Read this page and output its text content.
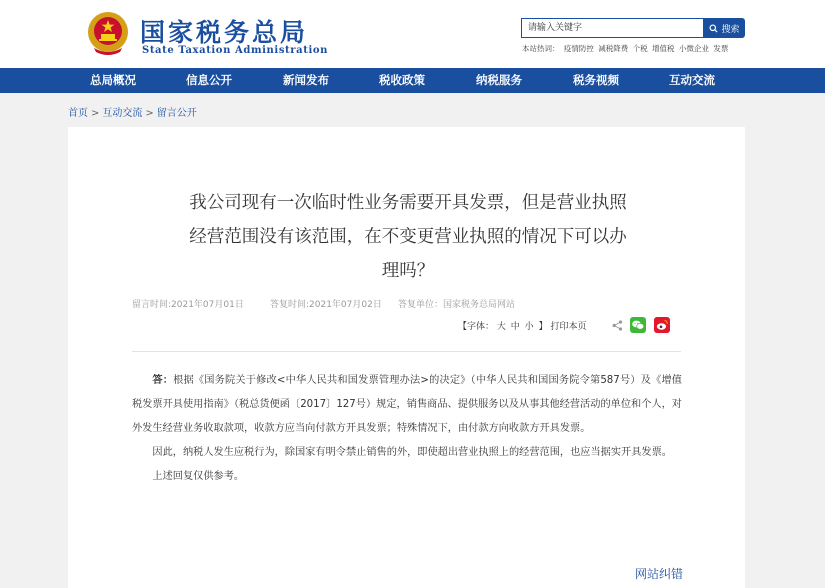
国家税务总局
State Taxation Administration
请输入关键字
搜索
本站热词： 疫情防控 减税降费 个税 增值税 小微企业 发票
总局概况	信息公开	新闻发布	税收政策	纳税服务	税务视频	互动交流
首页 > 互动交流 > 留言公开
我公司现有一次临时性业务需要开具发票，但是营业执照
经营范围没有该范围，在不变更营业执照的情况下可以办
理吗？
留言时间:2021年07月01日	答复时间:2021年07月02日 答复单位：国家税务总局网站
【字体： 大 中 小 】 打印本页

答：根据《国务院关于修改<中华人民共和国发票管理办法>的决定》（中华人民共和国国务院令第587号）及《增值税发票开具使用指南》（税总货便函〔2017〕127号）规定，销售商品、提供服务以及从事其他经营活动的单位和个人，对外发生经营业务收取款项，收款方应当向付款方开具发票；特殊情况下，由付款方向收款方开具发票。

因此，纳税人发生应税行为，除国家有明令禁止销售的外，即使超出营业执照上的经营范围，也应当据实开具发票。

上述回复仅供参考。

网站纠错
